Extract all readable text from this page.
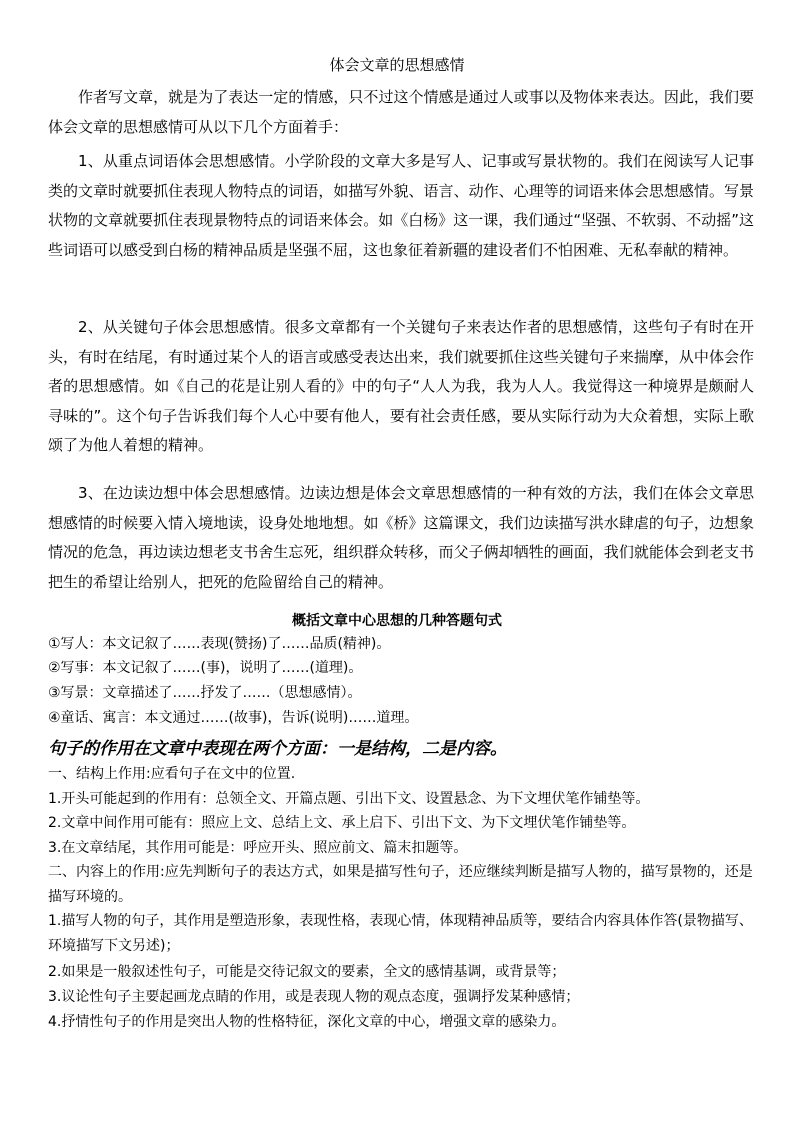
体会文章的思想感情

作者写文章，就是为了表达一定的情感，只不过这个情感是通过人或事以及物体来表达。因此，我们要体会文章的思想感情可从以下几个方面着手：

1、从重点词语体会思想感情。小学阶段的文章大多是写人、记事或写景状物的。我们在阅读写人记事类的文章时就要抓住表现人物特点的词语，如描写外貌、语言、动作、心理等的词语来体会思想感情。写景状物的文章就要抓住表现景物特点的词语来体会。如《白杨》这一课，我们通过“坚强、不软弱、不动摇”这些词语可以感受到白杨的精神品质是坚强不屈，这也象征着新疆的建设者们不怕困难、无私奉献的精神。

2、从关键句子体会思想感情。很多文章都有一个关键句子来表达作者的思想感情，这些句子有时在开头，有时在结尾，有时通过某个人的语言或感受表达出来，我们就要抓住这些关键句子来揣摩，从中体会作者的思想感情。如《自己的花是让别人看的》中的句子“人人为我，我为人人。我觉得这一种境界是颇耐人寻味的”。这个句子告诉我们每个人心中要有他人，要有社会责任感，要从实际行动为大众着想，实际上歌颂了为他人着想的精神。

3、在边读边想中体会思想感情。边读边想是体会文章思想感情的一种有效的方法，我们在体会文章思想感情的时候要入情入境地读，设身处地地想。如《桥》这篇课文，我们边读描写洪水肆虐的句子，边想象情况的危急，再边读边想老支书舍生忘死，组织群众转移，而父子俩却牺牲的画面，我们就能体会到老支书把生的希望让给别人，把死的危险留给自己的精神。

概括文章中心思想的几种答题句式

①写人：本文记叙了……表现(赞扬)了……品质(精神)。

②写事：本文记叙了……(事)，说明了……(道理)。

③写景：文章描述了……抒发了……（思想感情）。

④童话、寓言：本文通过……(故事)，告诉(说明)……道理。

句子的作用在文章中表现在两个方面：一是结构，二是内容。

一、结构上作用:应看句子在文中的位置.

1.开头可能起到的作用有：总领全文、开篇点题、引出下文、设置悬念、为下文埋伏笔作铺垫等。

2.文章中间作用可能有：照应上文、总结上文、承上启下、引出下文、为下文埋伏笔作铺垫等。

3.在文章结尾，其作用可能是：呼应开头、照应前文、篇末扣题等。

二、内容上的作用:应先判断句子的表达方式，如果是描写性句子，还应继续判断是描写人物的，描写景物的，还是描写环境的。

1.描写人物的句子，其作用是塑造形象，表现性格，表现心情，体现精神品质等，要结合内容具体作答(景物描写、环境描写下文另述)；

2.如果是一般叙述性句子，可能是交待记叙文的要素，全文的感情基调，或背景等；

3.议论性句子主要起画龙点睛的作用，或是表现人物的观点态度，强调抒发某种感情；

4.抒情性句子的作用是突出人物的性格特征，深化文章的中心，增强文章的感染力。
